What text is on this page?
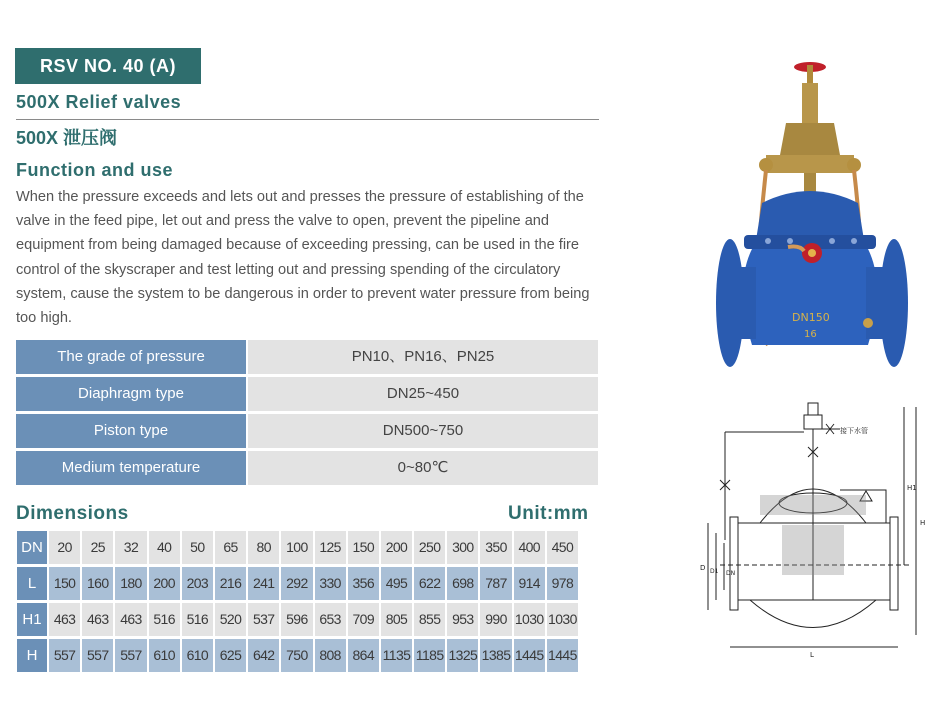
RSV NO. 40 (A)
500X Relief valves
500X 泄压阀
Function and use
When the pressure exceeds and lets out and presses the pressure of establishing of the valve in the feed pipe, let out and press the valve to open, prevent the pipeline and equipment from being damaged because of exceeding pressing, can be used in the fire control of the skyscraper and test letting out and pressing spending of the circulatory system, cause the system to be dangerous in order to prevent water pressure from being too high.
The grade of pressure	PN10、PN16、PN25
Diaphragm type	DN25~450
Piston type	DN500~750
Medium temperature	0~80℃
Dimensions	Unit:mm
DN	20	25	32	40	50	65	80	100 125 150 200 250 300 350 400 450
L	150 160 180 200 203 216 241 292 330 356 495 622 698 787 914 978
H1 463 463 463 516 516 520 537 596 653 709 805 855 953 990 1030 1030
H	557 557 557 610 610 625 642 750 808 864 1135 1185 1325 1385 1445 1445
DN150
16
接下水管
L
H
H1
D D1 DN
